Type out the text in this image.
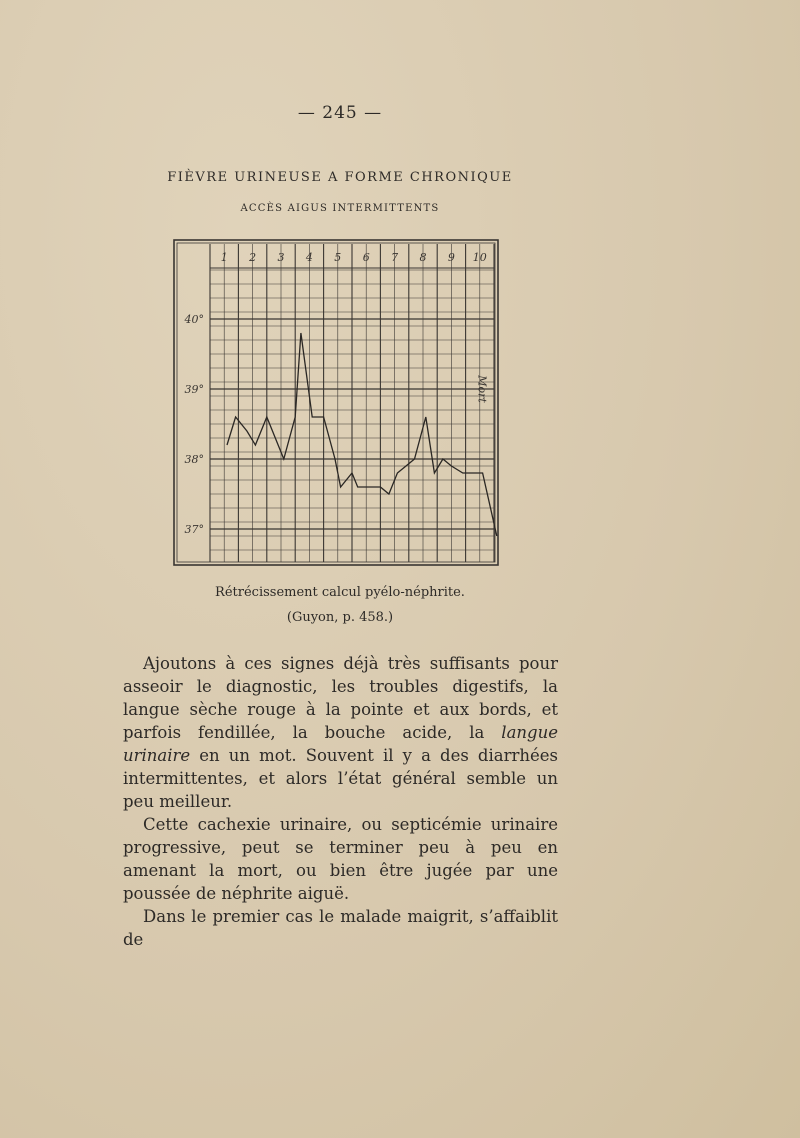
— 245 —
FIÈVRE URINEUSE A FORME CHRONIQUE
ACCÈS AIGUS INTERMITTENTS
1 2 3 4 5 6 7 8 9 10
40°
39°
38°
37°
Mort
Rétrécissement calcul pyélo-néphrite.
(Guyon, p. 458.)

Ajoutons à ces signes déjà très suffisants pour asseoir le diagnostic, les troubles digestifs, la langue sèche rouge à la pointe et aux bords, et parfois fendillée, la bouche acide, la langue urinaire en un mot. Souvent il y a des diarrhées intermittentes, et alors l’état général semble un peu meilleur.

Cette cachexie urinaire, ou septicémie urinaire progressive, peut se terminer peu à peu en amenant la mort, ou bien être jugée par une poussée de néphrite aiguë.

Dans le premier cas le malade maigrit, s’affaiblit de
